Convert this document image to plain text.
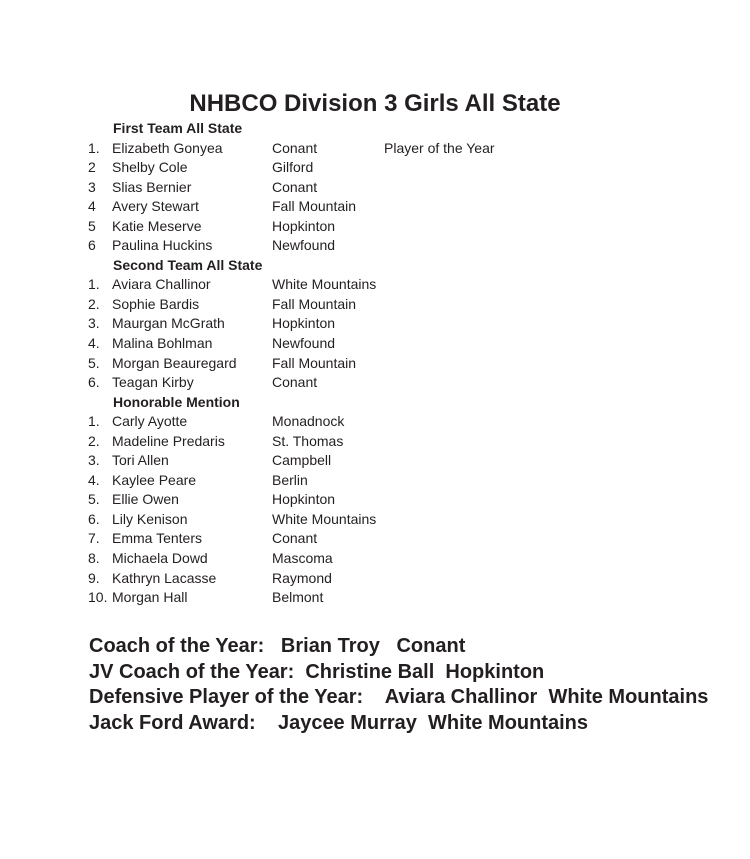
NHBCO Division 3 Girls All State
First Team All State
1. Elizabeth Gonyea	Conant	Player of the Year
2 Shelby Cole	Gilford
3 Slias Bernier	Conant
4 Avery Stewart	Fall Mountain
5 Katie Meserve	Hopkinton
6 Paulina Huckins	Newfound
Second Team All State
1. Aviara Challinor	White Mountains
2. Sophie Bardis	Fall Mountain
3. Maurgan McGrath	Hopkinton
4. Malina Bohlman	Newfound
5. Morgan Beauregard	Fall Mountain
6. Teagan Kirby	Conant
Honorable Mention
1. Carly Ayotte	Monadnock
2. Madeline Predaris	St. Thomas
3. Tori Allen	Campbell
4. Kaylee Peare	Berlin
5. Ellie Owen	Hopkinton
6. Lily Kenison	White Mountains
7. Emma Tenters	Conant
8. Michaela Dowd	Mascoma
9. Kathryn Lacasse	Raymond
10. Morgan Hall	Belmont
Coach of the Year:   Brian Troy   Conant
JV Coach of the Year:  Christine Ball  Hopkinton
Defensive Player of the Year:    Aviara Challinor  White Mountains
Jack Ford Award:    Jaycee Murray  White Mountains
